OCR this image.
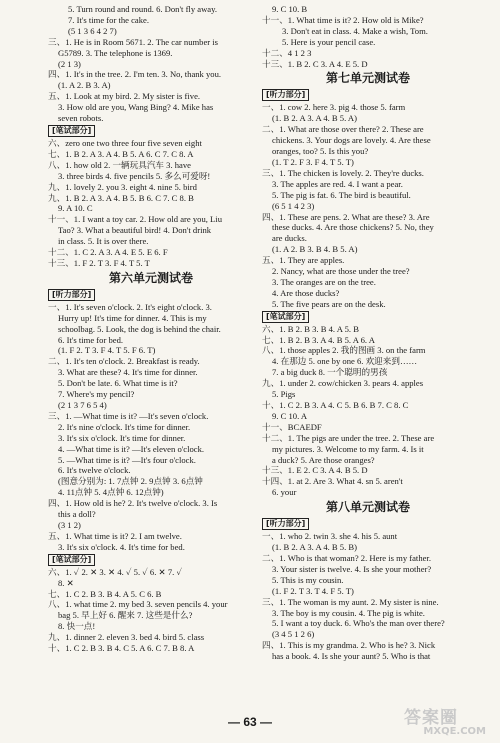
5. Turn round and round. 6. Don't fly away.
7. It's time for the cake.
(5 1 3 6 4 2 7)
三、1. He is in Room 5671. 2. The car number is
G5789. 3. The telephone is 1369.
(2 1 3)
四、1. It's in the tree. 2. I'm ten. 3. No, thank you.
(1. A 2. B 3. A)
五、1. Look at my bird. 2. My sister is five.
3. How old are you, Wang Bing? 4. Mike has
seven robots.
[笔试部分]
六、zero one two three four five seven eight
七、1. B 2. A 3. A 4. B 5. A 6. C 7. C 8. A
八、1. how old 2. 一辆玩具汽车 3. have
3. three birds 4. five pencils 5. 多么可爱呀!
九、1. lovely 2. you 3. eight 4. nine 5. bird
九、1. B 2. A 3. A 4. B 5. B 6. C 7. C 8. B
9. A 10. C
十一、1. I want a toy car. 2. How old are you, Liu
Tao? 3. What a beautiful bird! 4. Don't drink
in class. 5. It is over there.
十二、1. C 2. A 3. A 4. E 5. E 6. F
十三、1. F 2. T 3. F 4. T 5. T
第六单元测试卷
[听力部分]
一、1. It's seven o'clock. 2. It's eight o'clock. 3.
Hurry up! It's time for dinner. 4. This is my
schoolbag. 5. Look, the dog is behind the chair.
6. It's time for bed.
(1. F 2. T 3. F 4. T 5. F 6. T)
二、1. It's ten o'clock. 2. Breakfast is ready.
3. What are these? 4. It's time for dinner.
5. Don't be late. 6. What time is it?
7. Where's my pencil?
(2 1 3 7 6 5 4)
三、1. —What time is it? —It's seven o'clock.
2. It's nine o'clock. It's time for dinner.
3. It's six o'clock. It's time for dinner.
4. —What time is it? —It's eleven o'clock.
5. —What time is it? —It's four o'clock.
6. It's twelve o'clock.
(图意分别为: 1. 7点钟 2. 9点钟 3. 6点钟
4. 11点钟 5. 4点钟 6. 12点钟)
四、1. How old is he? 2. It's twelve o'clock. 3. Is
this a doll?
(3 1 2)
五、1. What time is it? 2. I am twelve.
3. It's six o'clock. 4. It's time for bed.
[笔试部分]
六、1. ✓ 2. ✕ 3. ✕ 4. ✓ 5. ✓ 6. ✕ 7. ✓
8. ✕
七、1. C 2. B 3. B 4. A 5. C 6. B
八、1. what time 2. my bed 3. seven pencils 4. your
bag 5. 早上好 6. 醒来 7. 这些是什么?
8. 快一点!
九、1. dinner 2. eleven 3. bed 4. bird 5. class
十、1. C 2. B 3. B 4. C 5. A 6. C 7. B 8. A
9. C 10. B
十一、1. What time is it? 2. How old is Mike?
3. Don't eat in class. 4. Make a wish, Tom.
5. Here is your pencil case.
十二、4 1 2 3
十三、1. B 2. C 3. A 4. E 5. D
第七单元测试卷
[听力部分]
一、1. cow 2. here 3. pig 4. those 5. farm
(1. B 2. A 3. A 4. B 5. A)
二、1. What are those over there? 2. These are
chickens. 3. Your dogs are lovely. 4. Are these
oranges, too? 5. Is this you?
(1. T 2. F 3. F 4. T 5. T)
三、1. The chicken is lovely. 2. They're ducks.
3. The apples are red. 4. I want a pear.
5. The pig is fat. 6. The bird is beautiful.
(6 5 1 4 2 3)
四、1. These are pens. 2. What are these? 3. Are
these ducks. 4. Are those chickens? 5. No, they
are ducks.
(1. A 2. B 3. B 4. B 5. A)
五、1. They are apples.
2. Nancy, what are those under the tree?
3. The oranges are on the tree.
4. Are those ducks?
5. The five pears are on the desk.
[笔试部分]
六、1. B 2. B 3. B 4. A 5. B
七、1. B 2. B 3. A 4. B 5. A 6. A
八、1. those apples 2. 我的图画 3. on the farm
4. 在那边 5. one by one 6. 欢迎来到……
7. a big duck 8. 一个聪明的男孩
九、1. under 2. cow/chicken 3. pears 4. apples
5. Pigs
十、1. C 2. B 3. A 4. C 5. B 6. B 7. C 8. C
9. C 10. A
十一、BCAEDF
十二、1. The pigs are under the tree. 2. These are
my pictures. 3. Welcome to my farm. 4. Is it
a duck? 5. Are those oranges?
十三、1. E 2. C 3. A 4. B 5. D
十四、1. at 2. Are 3. What 4. sn 5. aren't
6. your
第八单元测试卷
[听力部分]
一、1. who 2. twin 3. she 4. his 5. aunt
(1. B 2. A 3. A 4. B 5. B)
二、1. Who is that woman? 2. Here is my father.
3. Your sister is twelve. 4. Is she your mother?
5. This is my cousin.
(1. F 2. T 3. T 4. F 5. T)
三、1. The woman is my aunt. 2. My sister is nine.
3. The boy is my cousin. 4. The pig is white.
5. I want a toy duck. 6. Who's the man over there?
(3 4 5 1 2 6)
四、1. This is my grandma. 2. Who is he? 3. Nick
has a book. 4. Is she your aunt? 5. Who is that
— 63 —	答案圈
MXQE.COM
